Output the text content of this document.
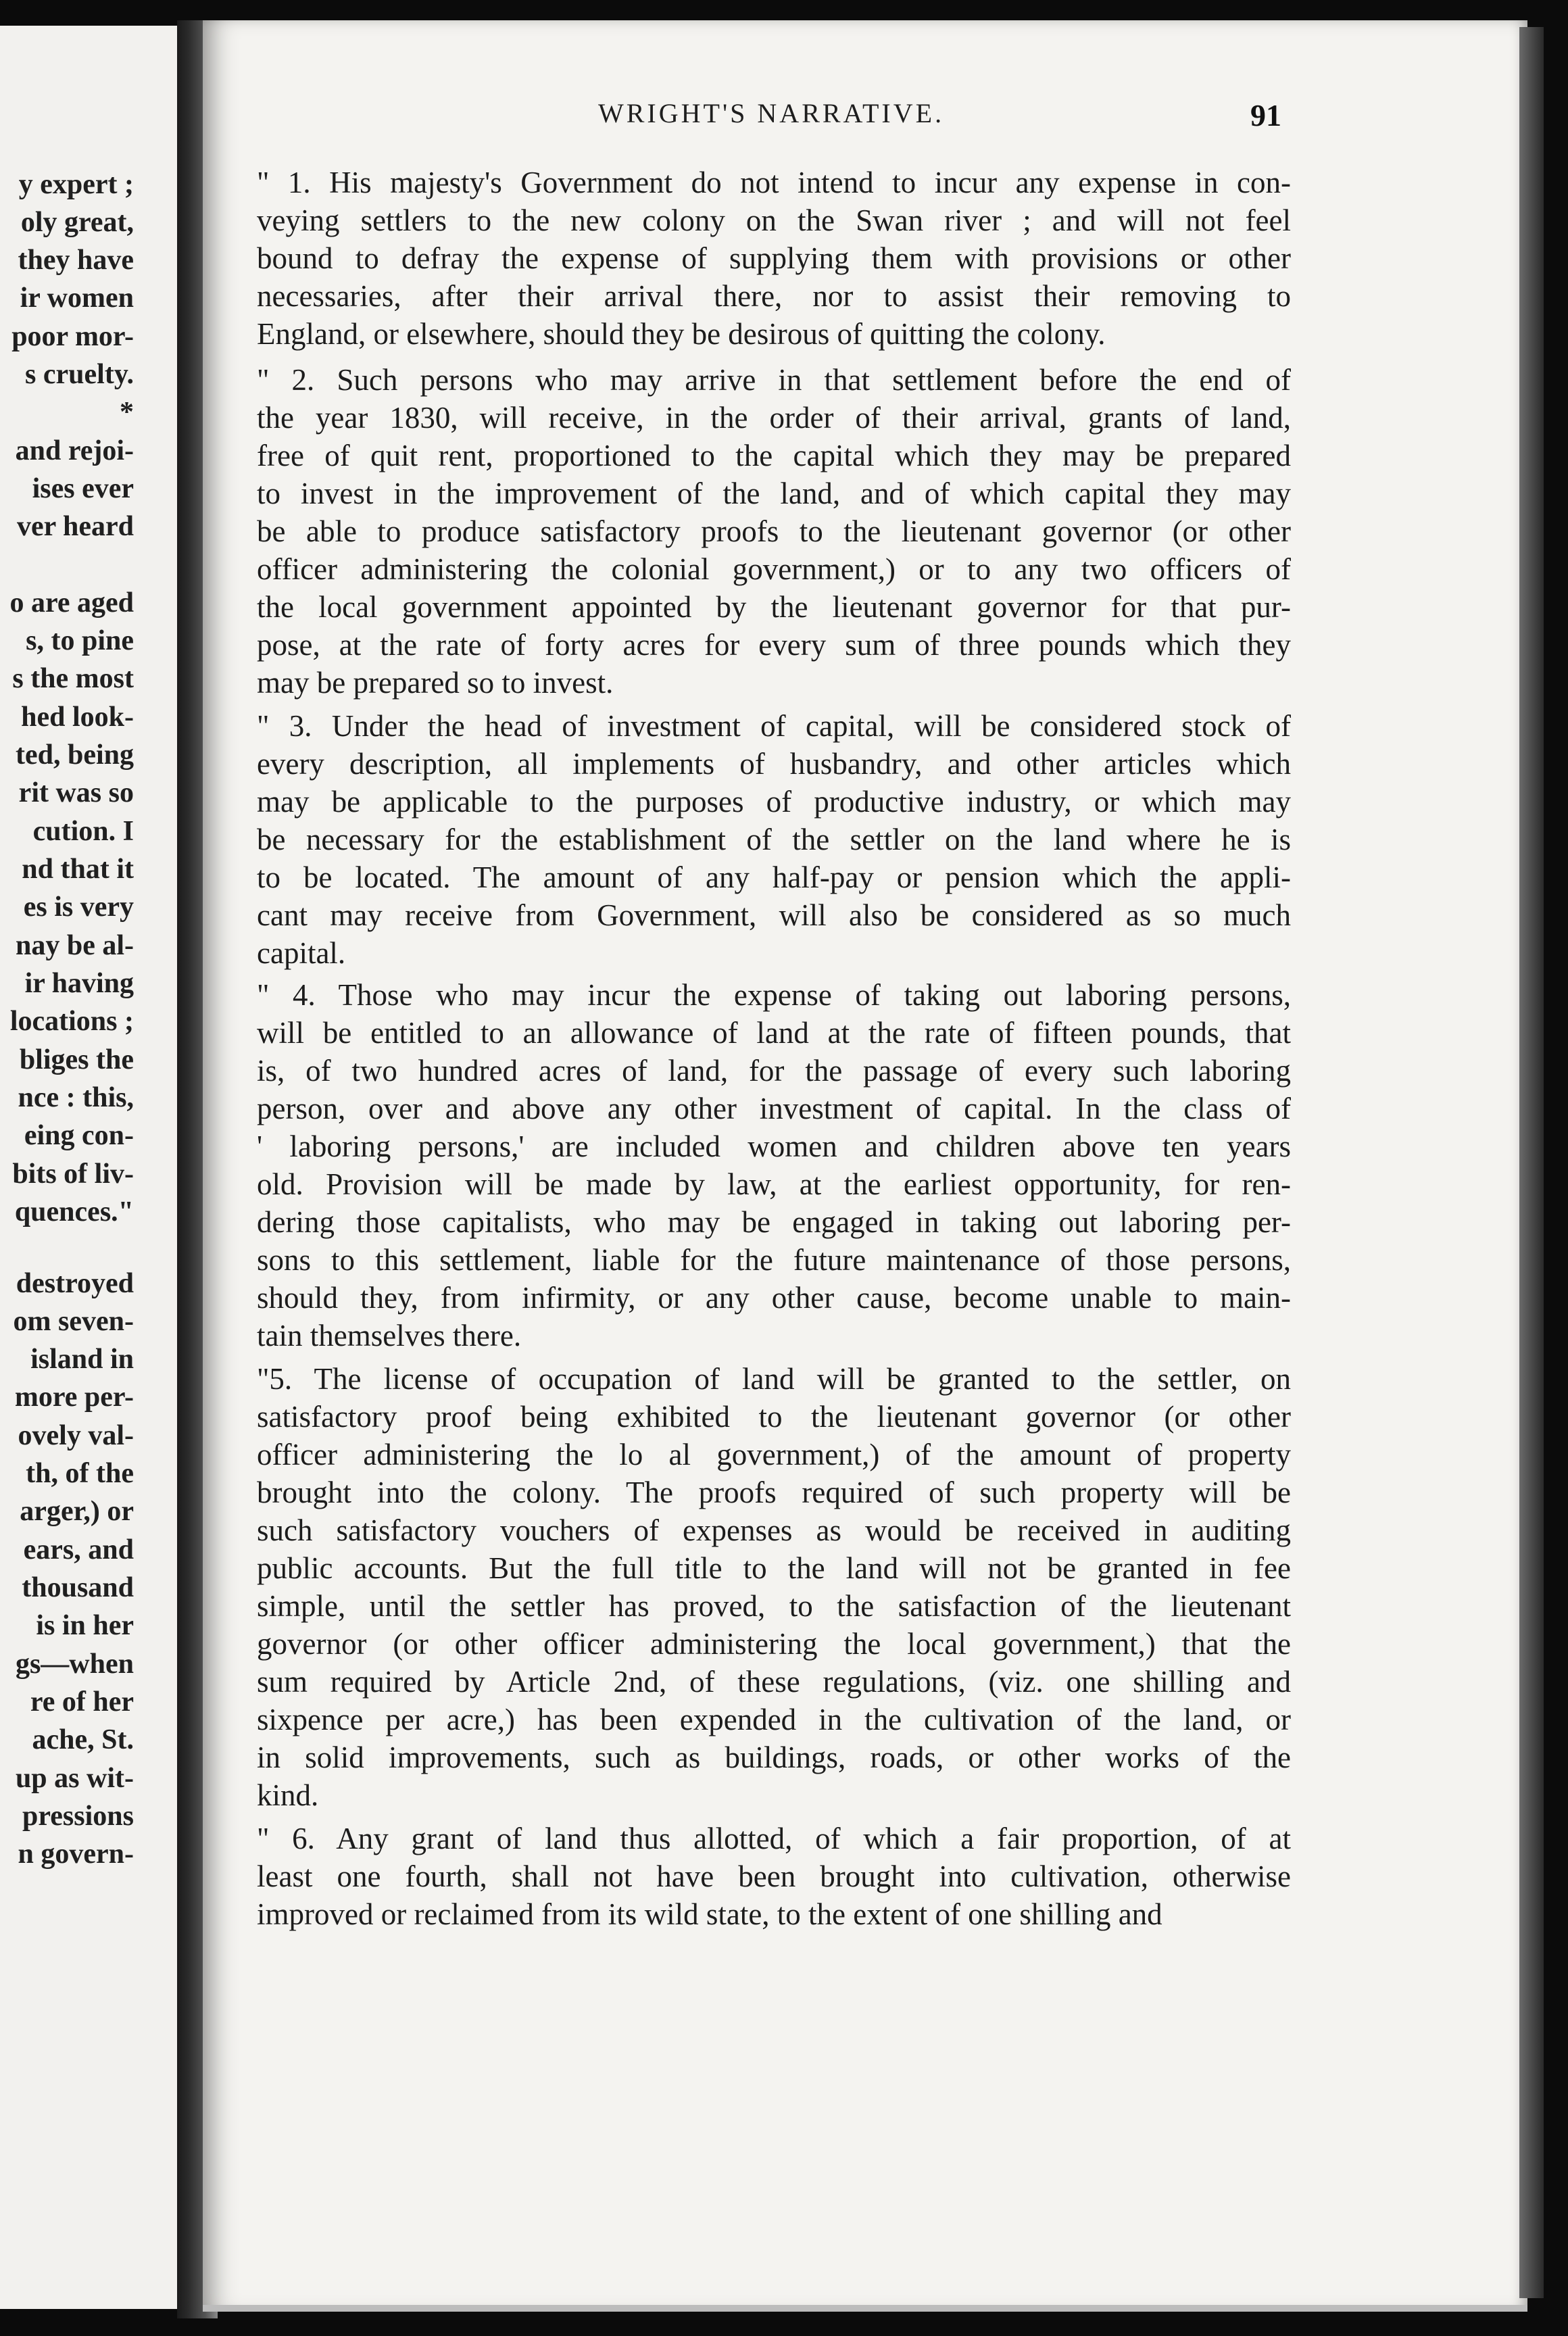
y expert ;
oly great,
they have
ir women
poor mor-
s cruelty.
*
and rejoi-
ises ever
ver heard
o are aged
s, to pine
s the most
hed look-
ted, being
rit was so
cution. I
nd that it
es is very
nay be al-
ir having
locations ;
bliges the
nce : this,
eing con-
bits of liv-
quences."
destroyed
om seven-
island in
more per-
ovely val-
th, of the
arger,) or
ears, and
thousand
is in her
gs—when
re of her
ache, St.
up as wit-
pressions
n govern-
WRIGHT'S NARRATIVE.	91
" 1. His majesty's Government do not intend to incur any expense in con-
veying settlers to the new colony on the Swan river ; and will not feel
bound to defray the expense of supplying them with provisions or other
necessaries, after their arrival there, nor to assist their removing to
England, or elsewhere, should they be desirous of quitting the colony.
" 2. Such persons who may arrive in that settlement before the end of
the year 1830, will receive, in the order of their arrival, grants of land,
free of quit rent, proportioned to the capital which they may be prepared
to invest in the improvement of the land, and of which capital they may
be able to produce satisfactory proofs to the lieutenant governor (or other
officer administering the colonial government,) or to any two officers of
the local government appointed by the lieutenant governor for that pur-
pose, at the rate of forty acres for every sum of three pounds which they
may be prepared so to invest.
" 3. Under the head of investment of capital, will be considered stock of
every description, all implements of husbandry, and other articles which
may be applicable to the purposes of productive industry, or which may
be necessary for the establishment of the settler on the land where he is
to be located. The amount of any half-pay or pension which the appli-
cant may receive from Government, will also be considered as so much
capital.
" 4. Those who may incur the expense of taking out laboring persons,
will be entitled to an allowance of land at the rate of fifteen pounds, that
is, of two hundred acres of land, for the passage of every such laboring
person, over and above any other investment of capital. In the class of
' laboring persons,' are included women and children above ten years
old. Provision will be made by law, at the earliest opportunity, for ren-
dering those capitalists, who may be engaged in taking out laboring per-
sons to this settlement, liable for the future maintenance of those persons,
should they, from infirmity, or any other cause, become unable to main-
tain themselves there.
"5. The license of occupation of land will be granted to the settler, on
satisfactory proof being exhibited to the lieutenant governor (or other
officer administering the lo al government,) of the amount of property
brought into the colony. The proofs required of such property will be
such satisfactory vouchers of expenses as would be received in auditing
public accounts. But the full title to the land will not be granted in fee
simple, until the settler has proved, to the satisfaction of the lieutenant
governor (or other officer administering the local government,) that the
sum required by Article 2nd, of these regulations, (viz. one shilling and
sixpence per acre,) has been expended in the cultivation of the land, or
in solid improvements, such as buildings, roads, or other works of the
kind.
" 6. Any grant of land thus allotted, of which a fair proportion, of at
least one fourth, shall not have been brought into cultivation, otherwise
improved or reclaimed from its wild state, to the extent of one shilling and
